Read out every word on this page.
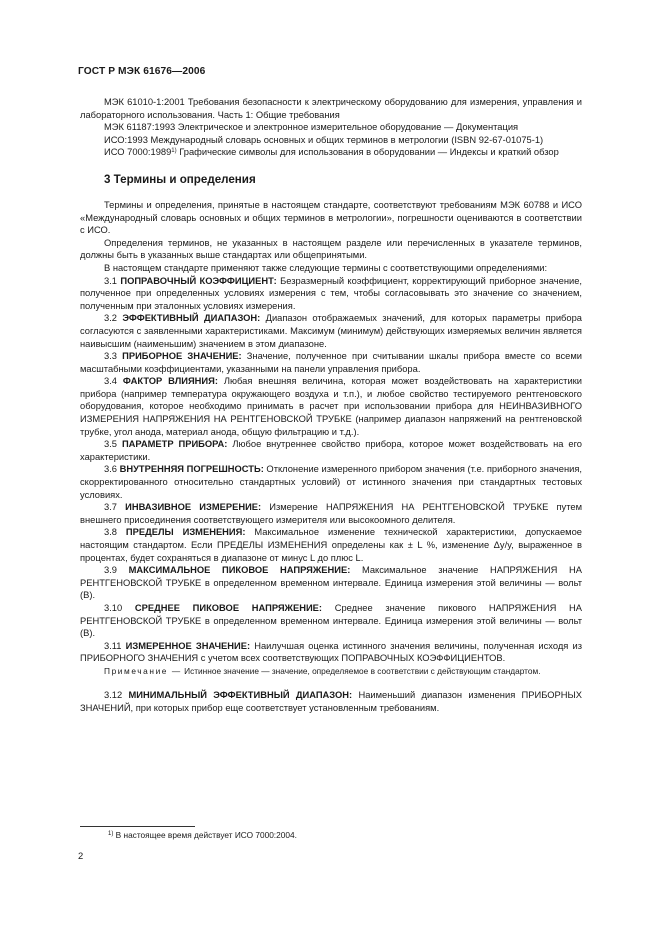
ГОСТ Р МЭК 61676—2006

МЭК 61010-1:2001 Требования безопасности к электрическому оборудованию для измерения, управления и лабораторного использования. Часть 1: Общие требования

МЭК 61187:1993 Электрическое и электронное измерительное оборудование — Документация

ИСО:1993 Международный словарь основных и общих терминов в метрологии (ISBN 92-67-01075-1)

ИСО 7000:1989$^{1)}$ Графические символы для использования в оборудовании — Индексы и краткий обзор

3 Термины и определения

Термины и определения, принятые в настоящем стандарте, соответствуют требованиям МЭК 60788 и ИСО «Международный словарь основных и общих терминов в метрологии», погрешности оцениваются в соответствии с ИСО.

Определения терминов, не указанных в настоящем разделе или перечисленных в указателе терминов, должны быть в указанных выше стандартах или общепринятыми.

В настоящем стандарте применяют также следующие термины с соответствующими определениями:

3.1 ПОПРАВОЧНЫЙ КОЭФФИЦИЕНТ: Безразмерный коэффициент, корректирующий приборное значение, полученное при определенных условиях измерения с тем, чтобы согласовывать это значение со значением, полученным при эталонных условиях измерения.

3.2 ЭФФЕКТИВНЫЙ ДИАПАЗОН: Диапазон отображаемых значений, для которых параметры прибора согласуются с заявленными характеристиками. Максимум (минимум) действующих измеряемых величин является наивысшим (наименьшим) значением в этом диапазоне.

3.3 ПРИБОРНОЕ ЗНАЧЕНИЕ: Значение, полученное при считывании шкалы прибора вместе со всеми масштабными коэффициентами, указанными на панели управления прибора.

3.4 ФАКТОР ВЛИЯНИЯ: Любая внешняя величина, которая может воздействовать на характеристики прибора (например температура окружающего воздуха и т.п.), и любое свойство тестируемого рентгеновского оборудования, которое необходимо принимать в расчет при использовании прибора для НЕИНВАЗИВНОГО ИЗМЕРЕНИЯ НАПРЯЖЕНИЯ НА РЕНТГЕНОВСКОЙ ТРУБКЕ (например диапазон напряжений на рентгеновской трубке, угол анода, материал анода, общую фильтрацию и т.д.).

3.5 ПАРАМЕТР ПРИБОРА: Любое внутреннее свойство прибора, которое может воздействовать на его характеристики.

3.6 ВНУТРЕННЯЯ ПОГРЕШНОСТЬ: Отклонение измеренного прибором значения (т.е. приборного значения, скорректированного относительно стандартных условий) от истинного значения при стандартных тестовых условиях.

3.7 ИНВАЗИВНОЕ ИЗМЕРЕНИЕ: Измерение НАПРЯЖЕНИЯ НА РЕНТГЕНОВСКОЙ ТРУБКЕ путем внешнего присоединения соответствующего измерителя или высокоомного делителя.

3.8 ПРЕДЕЛЫ ИЗМЕНЕНИЯ: Максимальное изменение технической характеристики, допускаемое настоящим стандартом. Если ПРЕДЕЛЫ ИЗМЕНЕНИЯ определены как ± L %, изменение Δy/y, выраженное в процентах, будет сохраняться в диапазоне от минус L до плюс L.

3.9 МАКСИМАЛЬНОЕ ПИКОВОЕ НАПРЯЖЕНИЕ: Максимальное значение НАПРЯЖЕНИЯ НА РЕНТГЕНОВСКОЙ ТРУБКЕ в определенном временном интервале. Единица измерения этой величины — вольт (В).

3.10 СРЕДНЕЕ ПИКОВОЕ НАПРЯЖЕНИЕ: Среднее значение пикового НАПРЯЖЕНИЯ НА РЕНТГЕНОВСКОЙ ТРУБКЕ в определенном временном интервале. Единица измерения этой величины — вольт (В).

3.11 ИЗМЕРЕННОЕ ЗНАЧЕНИЕ: Наилучшая оценка истинного значения величины, полученная исходя из ПРИБОРНОГО ЗНАЧЕНИЯ с учетом всех соответствующих ПОПРАВОЧНЫХ КОЭФФИЦИЕНТОВ.

Примечание — Истинное значение — значение, определяемое в соответствии с действующим стандартом.

3.12 МИНИМАЛЬНЫЙ ЭФФЕКТИВНЫЙ ДИАПАЗОН: Наименьший диапазон изменения ПРИБОРНЫХ ЗНАЧЕНИЙ, при которых прибор еще соответствует установленным требованиям.

$^{1)}$ В настоящее время действует ИСО 7000:2004.
2
